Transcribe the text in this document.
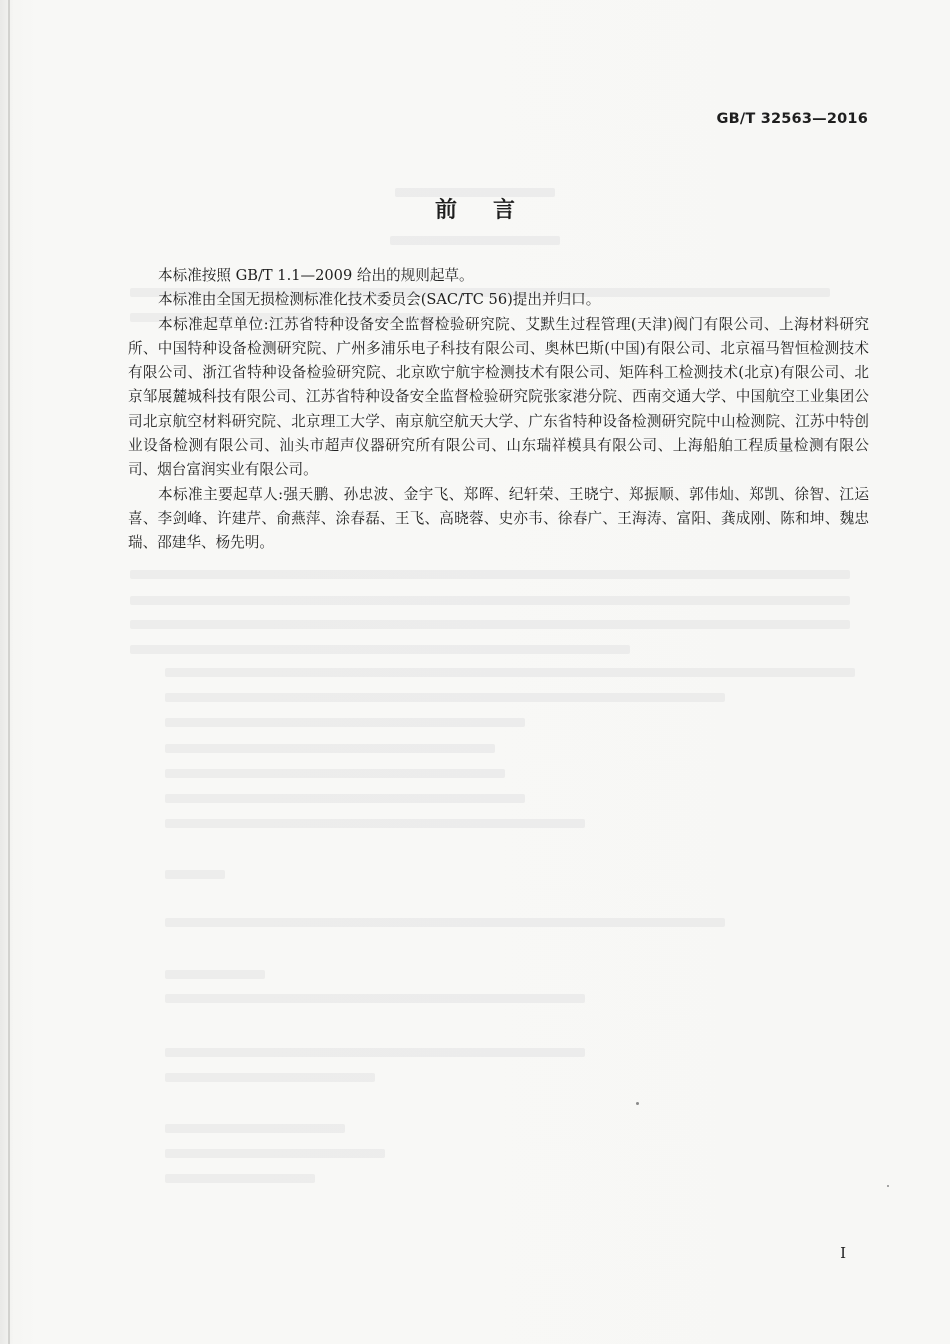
GB/T 32563—2016
前言

本标准按照 GB/T 1.1—2009 给出的规则起草。

本标准由全国无损检测标准化技术委员会(SAC/TC 56)提出并归口。

本标准起草单位:江苏省特种设备安全监督检验研究院、艾默生过程管理(天津)阀门有限公司、上海材料研究所、中国特种设备检测研究院、广州多浦乐电子科技有限公司、奥林巴斯(中国)有限公司、北京福马智恒检测技术有限公司、浙江省特种设备检验研究院、北京欧宁航宇检测技术有限公司、矩阵科工检测技术(北京)有限公司、北京邹展麓城科技有限公司、江苏省特种设备安全监督检验研究院张家港分院、西南交通大学、中国航空工业集团公司北京航空材料研究院、北京理工大学、南京航空航天大学、广东省特种设备检测研究院中山检测院、江苏中特创业设备检测有限公司、汕头市超声仪器研究所有限公司、山东瑞祥模具有限公司、上海船舶工程质量检测有限公司、烟台富润实业有限公司。

本标准主要起草人:强天鹏、孙忠波、金宇飞、郑晖、纪轩荣、王晓宁、郑振顺、郭伟灿、郑凯、徐智、江运喜、李剑峰、许建芹、俞燕萍、涂春磊、王飞、高晓蓉、史亦韦、徐春广、王海涛、富阳、龚成刚、陈和坤、魏忠瑞、邵建华、杨先明。

I
